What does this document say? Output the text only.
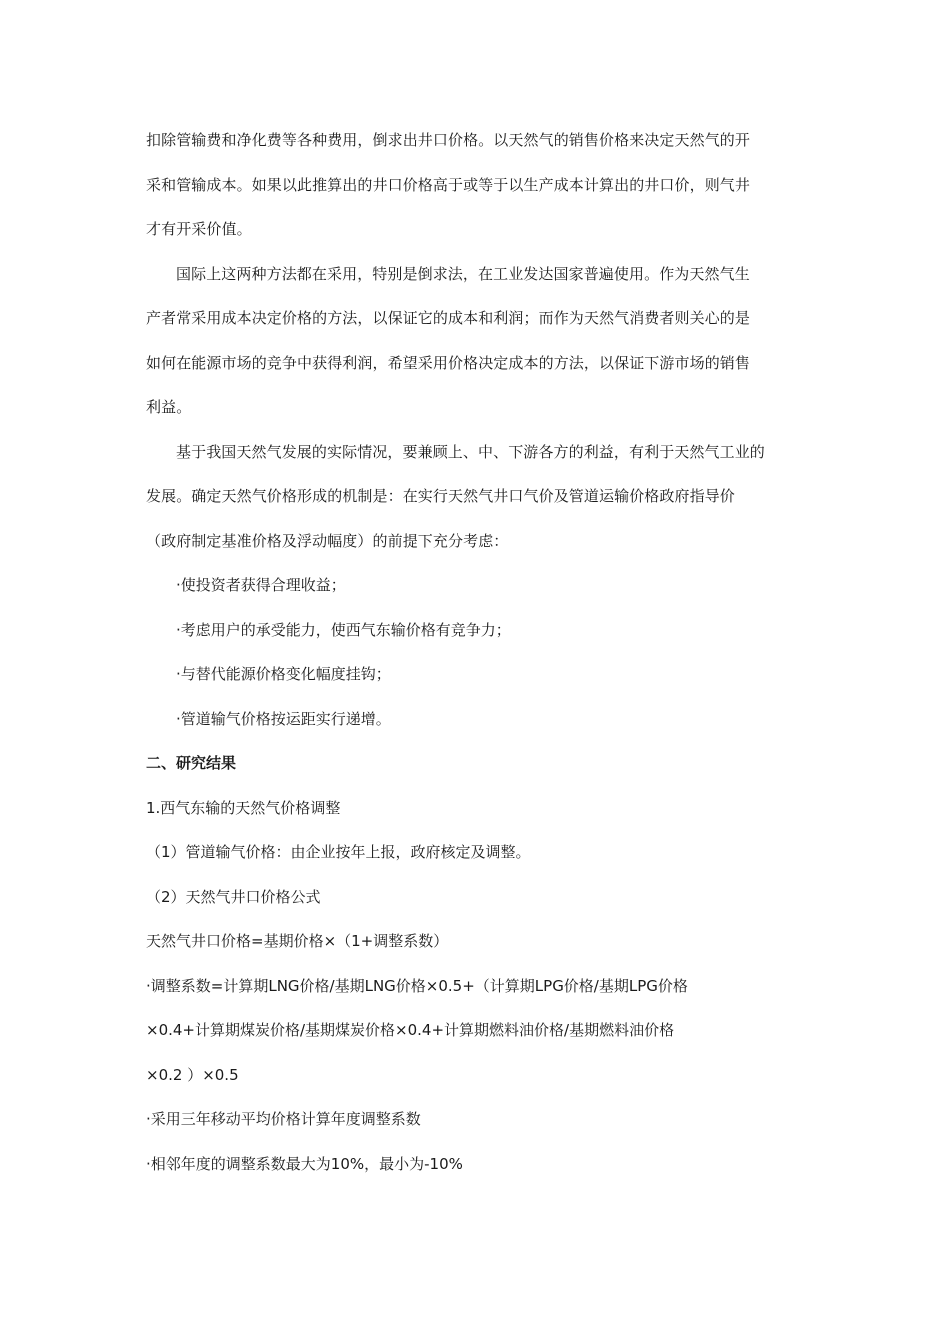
扣除管输费和净化费等各种费用，倒求出井口价格。以天然气的销售价格来决定天然气的开
采和管输成本。如果以此推算出的井口价格高于或等于以生产成本计算出的井口价，则气井
才有开采价值。
国际上这两种方法都在采用，特别是倒求法，在工业发达国家普遍使用。作为天然气生
产者常采用成本决定价格的方法，以保证它的成本和利润；而作为天然气消费者则关心的是
如何在能源市场的竞争中获得利润，希望采用价格决定成本的方法，以保证下游市场的销售
利益。
基于我国天然气发展的实际情况，要兼顾上、中、下游各方的利益，有利于天然气工业的
发展。确定天然气价格形成的机制是：在实行天然气井口气价及管道运输价格政府指导价
（政府制定基准价格及浮动幅度）的前提下充分考虑：

·使投资者获得合理收益；

·考虑用户的承受能力，使西气东输价格有竞争力；

·与替代能源价格变化幅度挂钩；

·管道输气价格按运距实行递增。

二、研究结果

1.西气东输的天然气价格调整

（1）管道输气价格：由企业按年上报，政府核定及调整。

（2）天然气井口价格公式

天然气井口价格=基期价格×（1+调整系数）

·调整系数=计算期LNG价格/基期LNG价格×0.5+（计算期LPG价格/基期LPG价格

×0.4+计算期煤炭价格/基期煤炭价格×0.4+计算期燃料油价格/基期燃料油价格

×0.2 ）×0.5

·采用三年移动平均价格计算年度调整系数

·相邻年度的调整系数最大为10%，最小为-10%
